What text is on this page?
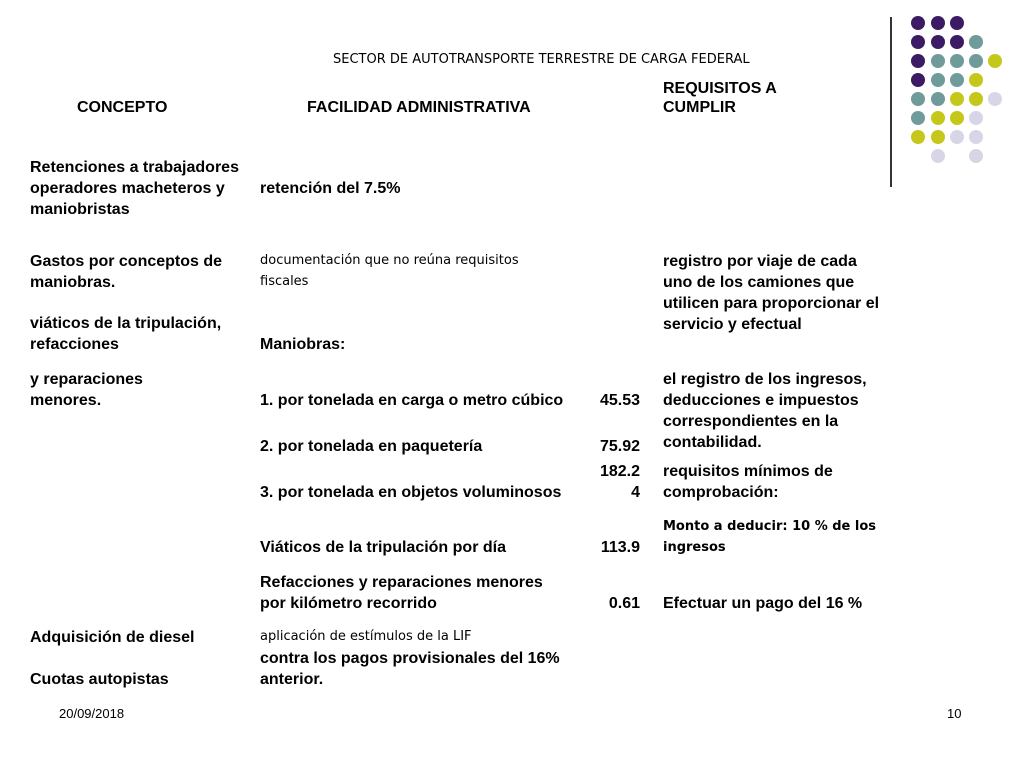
SECTOR DE AUTOTRANSPORTE TERRESTRE DE CARGA FEDERAL
CONCEPTO	FACILIDAD ADMINISTRATIVA
REQUISITOS A CUMPLIR
Retenciones a trabajadores operadores macheteros y maniobristas
Gastos por conceptos de maniobras.
viáticos de la tripulación, refacciones
y reparaciones menores.
Adquisición de diesel
Cuotas autopistas
retención del 7.5%
documentación que no reúna requisitos fiscales
Maniobras:
1. por tonelada en carga o metro cúbico
2. por tonelada en paquetería
3. por tonelada en objetos voluminosos
Viáticos de la tripulación por día
Refacciones y reparaciones menores por kilómetro recorrido
aplicación de estímulos de la LIF
contra los pagos provisionales del 16% anterior.
45.53
75.92
182.24
113.9
0.61
registro por viaje de cada uno de los camiones que utilicen para proporcionar el servicio y efectual
el registro de los ingresos, deducciones e impuestos correspondientes en la contabilidad.
requisitos mínimos de comprobación:
Monto a deducir: 10 % de los ingresos
Efectuar un pago del 16 %
20/09/2018	10
